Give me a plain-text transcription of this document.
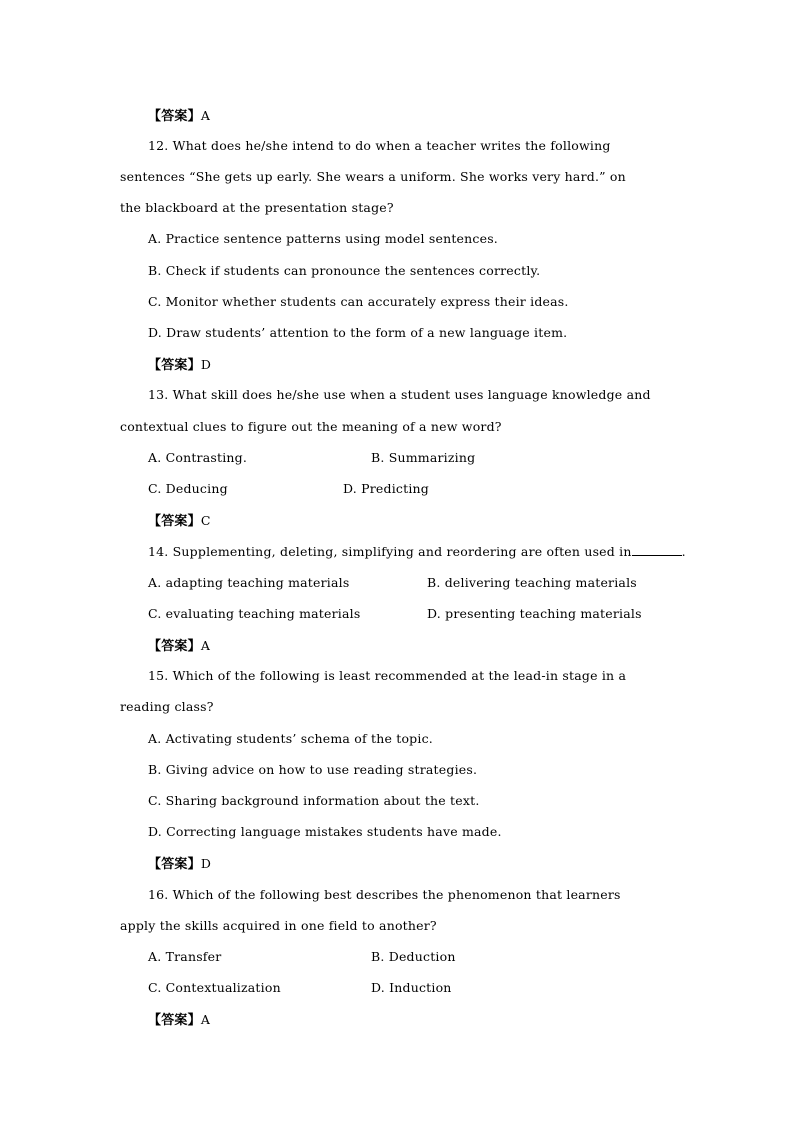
【答案】A
12. What does he/she intend to do when a teacher writes the following
sentences “She gets up early. She wears a uniform. She works very hard.” on
the blackboard at the presentation stage?
A. Practice sentence patterns using model sentences.
B. Check if students can pronounce the sentences correctly.
C. Monitor whether students can accurately express their ideas.
D. Draw students’ attention to the form of a new language item.
【答案】D
13. What skill does he/she use when a student uses language knowledge and
contextual clues to figure out the meaning of a new word?
A. Contrasting.	B. Summarizing
C. Deducing	D. Predicting
【答案】C
14. Supplementing, deleting, simplifying and reordering are often used in	.
A. adapting teaching materials	B. delivering teaching materials
C. evaluating teaching materials	D. presenting teaching materials
【答案】A
15. Which of the following is least recommended at the lead-in stage in a
reading class?
A. Activating students’ schema of the topic.
B. Giving advice on how to use reading strategies.
C. Sharing background information about the text.
D. Correcting language mistakes students have made.
【答案】D
16. Which of the following best describes the phenomenon that learners
apply the skills acquired in one field to another?
A. Transfer	B. Deduction
C. Contextualization	D. Induction
【答案】A
